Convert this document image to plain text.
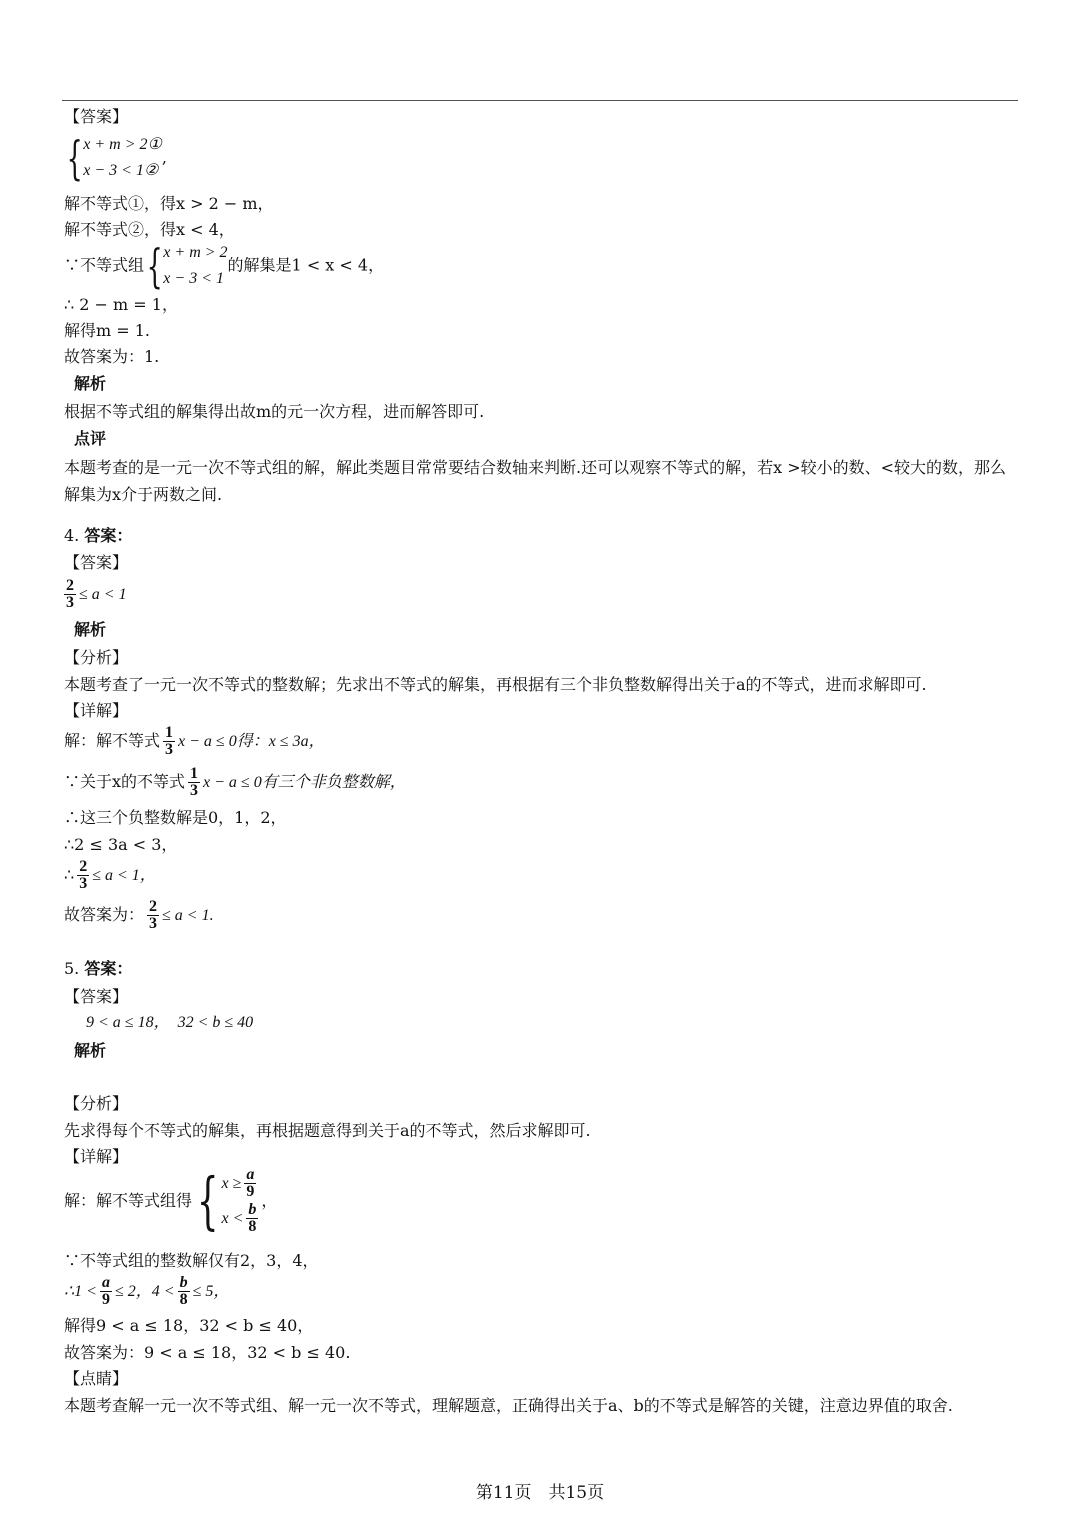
【答案】
{ x + m > 2①
x − 3 < 1②
,
解不等式①，得x > 2 − m，
解不等式②，得x < 4，
∵不等式组 { x + m > 2
x − 3 < 1
的解集是1 < x < 4，
∴ 2 − m = 1，
解得m = 1.
故答案为：1.
解析
根据不等式组的解集得出故m的元一次方程，进而解答即可.
点评
本题考查的是一元一次不等式组的解，解此类题目常常要结合数轴来判断.还可以观察不等式的解，若x >较小的数、<较大的数，那么解集为x介于两数之间.
4. 答案：
【答案】
$\frac{2}{3} \le a < 1$
解析
【分析】
本题考查了一元一次不等式的整数解；先求出不等式的解集，再根据有三个非负整数解得出关于a的不等式，进而求解即可.
【详解】
解：解不等式 $\frac{1}{3}$ x − a ≤ 0得：x ≤ 3a，
∵关于x的不等式 $\frac{1}{3}$ x − a ≤ 0有三个非负整数解，
∴这三个负整数解是0，1，2，
∴2 ≤ 3a < 3，
∴ $\frac{2}{3} \le a < 1$，
故答案为： $\frac{2}{3} \le a < 1$.
5. 答案：
【答案】
9 < a ≤ 18，　32 < b ≤ 40
解析
【分析】
先求得每个不等式的解集，再根据题意得到关于a的不等式，然后求解即可.
【详解】
解：解不等式组得 { $x \ge \frac{a}{9}$
$x < \frac{b}{8}$
，
∵不等式组的整数解仅有2，3，4，
∴1 < $\frac{a}{9} \le 2$，$4 < \frac{b}{8} \le 5$，
解得9 < a ≤ 18，32 < b ≤ 40，
故答案为：9 < a ≤ 18，32 < b ≤ 40.
【点睛】
本题考查解一元一次不等式组、解一元一次不等式，理解题意，正确得出关于a、b的不等式是解答的关键，注意边界值的取舍.
第11页　共15页
